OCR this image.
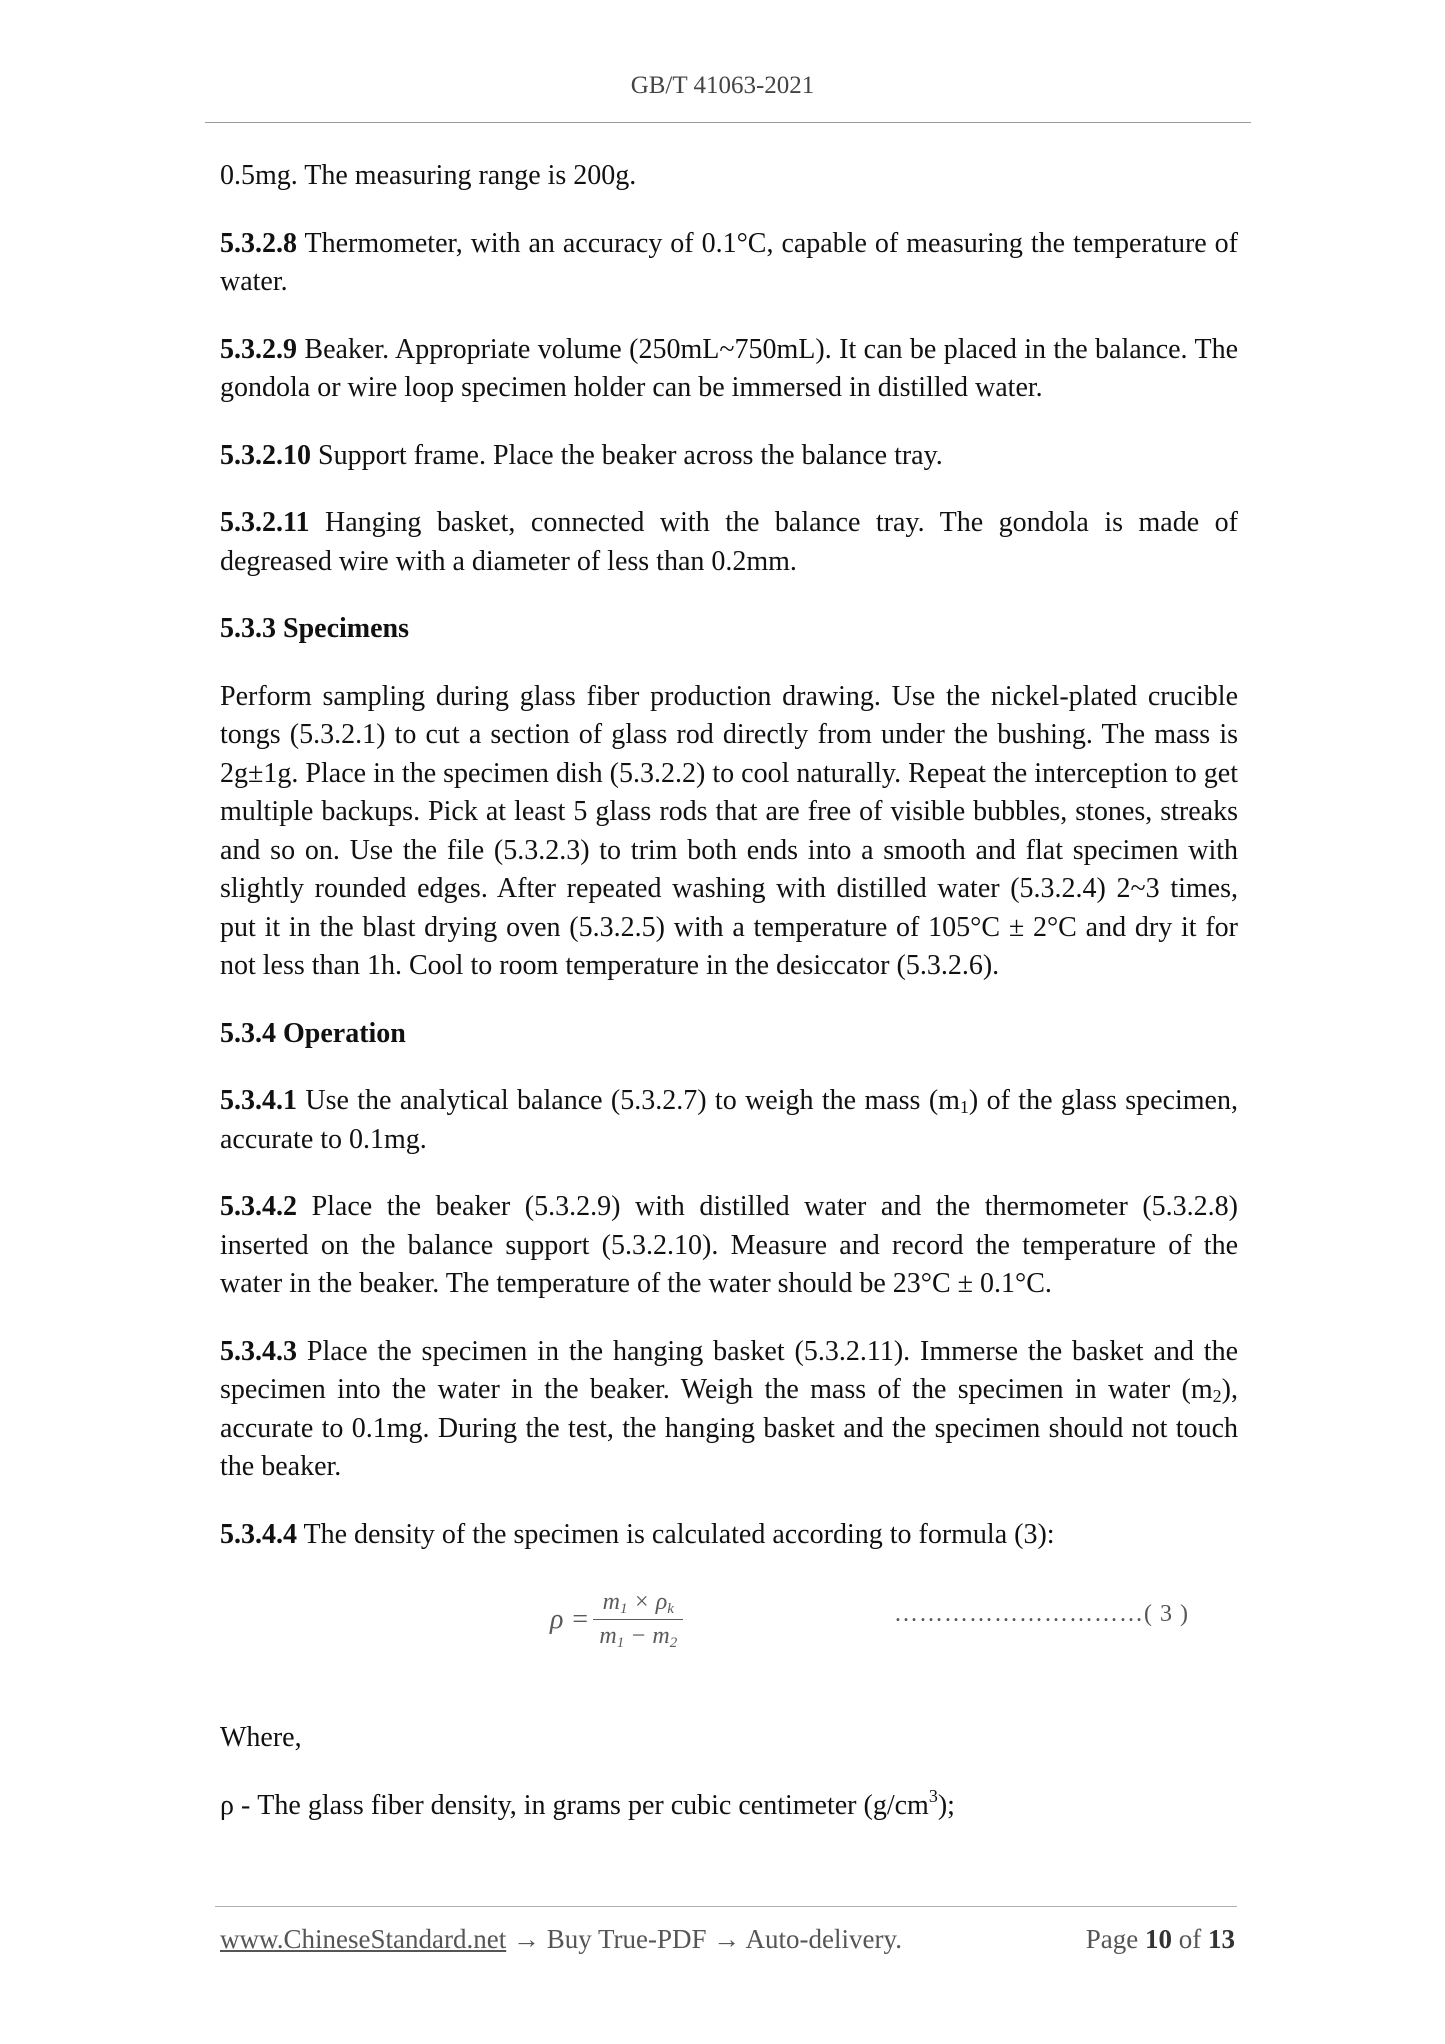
GB/T 41063-2021

0.5mg. The measuring range is 200g.

5.3.2.8 Thermometer, with an accuracy of 0.1°C, capable of measuring the temperature of water.

5.3.2.9 Beaker. Appropriate volume (250mL~750mL). It can be placed in the balance. The gondola or wire loop specimen holder can be immersed in distilled water.

5.3.2.10 Support frame. Place the beaker across the balance tray.

5.3.2.11 Hanging basket, connected with the balance tray. The gondola is made of degreased wire with a diameter of less than 0.2mm.

5.3.3 Specimens

Perform sampling during glass fiber production drawing. Use the nickel-plated crucible tongs (5.3.2.1) to cut a section of glass rod directly from under the bushing. The mass is 2g±1g. Place in the specimen dish (5.3.2.2) to cool naturally. Repeat the interception to get multiple backups. Pick at least 5 glass rods that are free of visible bubbles, stones, streaks and so on. Use the file (5.3.2.3) to trim both ends into a smooth and flat specimen with slightly rounded edges. After repeated washing with distilled water (5.3.2.4) 2~3 times, put it in the blast drying oven (5.3.2.5) with a temperature of 105°C ± 2°C and dry it for not less than 1h. Cool to room temperature in the desiccator (5.3.2.6).

5.3.4 Operation

5.3.4.1 Use the analytical balance (5.3.2.7) to weigh the mass $(m_1)$ of the glass specimen, accurate to 0.1mg.

5.3.4.2 Place the beaker (5.3.2.9) with distilled water and the thermometer (5.3.2.8) inserted on the balance support (5.3.2.10). Measure and record the temperature of the water in the beaker. The temperature of the water should be 23°C ± 0.1°C.

5.3.4.3 Place the specimen in the hanging basket (5.3.2.11). Immerse the basket and the specimen into the water in the beaker. Weigh the mass of the specimen in water $(m_2)$, accurate to 0.1mg. During the test, the hanging basket and the specimen should not touch the beaker.

5.3.4.4 The density of the specimen is calculated according to formula (3):

$\rho = \frac{m_1 \times \rho_k}{m_1 - m_2}$	…………………………( 3 )

Where,

ρ - The glass fiber density, in grams per cubic centimeter $(g/cm^3)$;

www.ChineseStandard.net → Buy True-PDF → Auto-delivery.	Page 10 of 13
